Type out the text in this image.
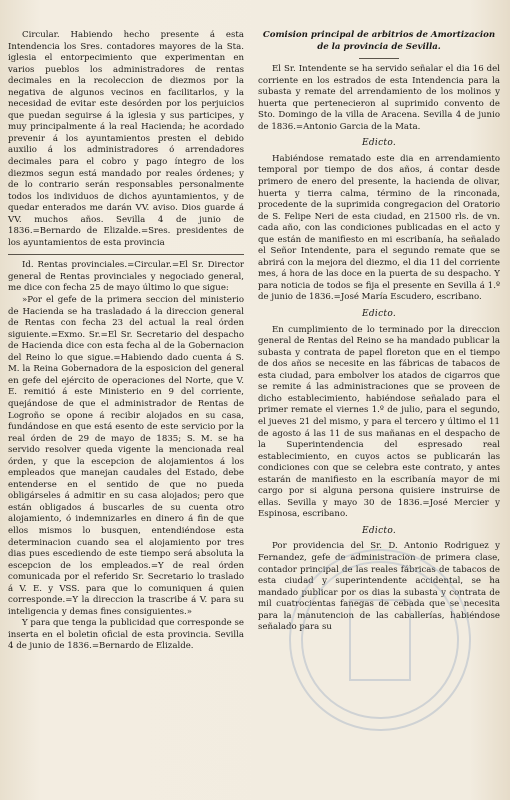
Circular. Habiendo hecho presente á esta Intendencia los Sres. contadores mayores de la Sta. iglesia el entorpecimiento que experimentan en varios pueblos los administradores de rentas decimales en la recoleccion de diezmos por la negativa de algunos vecinos en facilitarlos, y la necesidad de evitar este desórden por los perjuicios que puedan seguirse á la iglesia y sus participes, y muy principalmente á la real Hacienda; he acordado prevenir á los ayuntamientos presten el debido auxilio á los administradores ó arrendadores decimales para el cobro y pago íntegro de los diezmos segun está mandado por reales órdenes; y de lo contrario serán responsables personalmente todos los individuos de dichos ayuntamientos, y de quedar enterados me darán VV. aviso. Dios guarde á VV. muchos años. Sevilla 4 de junio de 1836.=Bernardo de Elizalde.=Sres. presidentes de los ayuntamientos de esta provincia

Id. Rentas provinciales.=Circular.=El Sr. Director general de Rentas provinciales y negociado general, me dice con fecha 25 de mayo último lo que sigue:

»Por el gefe de la primera seccion del ministerio de Hacienda se ha trasladado á la direccion general de Rentas con fecha 23 del actual la real órden siguiente.=Exmo. Sr.=El Sr. Secretario del despacho de Hacienda dice con esta fecha al de la Gobernacion del Reino lo que sigue.=Habiendo dado cuenta á S. M. la Reina Gobernadora de la esposicion del general en gefe del ejército de operaciones del Norte, que V. E. remitió á este Ministerio en 9 del corriente, quejándose de que el administrador de Rentas de Logroño se opone á recibir alojados en su casa, fundándose en que está esento de este servicio por la real órden de 29 de mayo de 1835; S. M. se ha servido resolver queda vigente la mencionada real órden, y que la escepcion de alojamientos á los empleados que manejan caudales del Estado, debe entenderse en el sentido de que no pueda obligárseles á admitir en su casa alojados; pero que están obligados á buscarles de su cuenta otro alojamiento, ó indemnizarles en dinero á fin de que ellos mismos lo busquen, entendiéndose esta determinacion cuando sea el alojamiento por tres dias pues escediendo de este tiempo será absoluta la escepcion de los empleados.=Y de real órden comunicada por el referido Sr. Secretario lo traslado á V. E. y VSS. para que lo comuniquen á quien corresponde.=Y la direccion la trascribe á V. para su inteligencia y demas fines consiguientes.»

Y para que tenga la publicidad que corresponde se inserta en el boletin oficial de esta provincia. Sevilla 4 de junio de 1836.=Bernardo de Elizalde.

Comision principal de arbitrios de Amortizacion de la provincia de Sevilla.

El Sr. Intendente se ha servido señalar el dia 16 del corriente en los estrados de esta Intendencia para la subasta y remate del arrendamiento de los molinos y huerta que pertenecieron al suprimido convento de Sto. Domingo de la villa de Aracena. Sevilla 4 de junio de 1836.=Antonio Garcia de la Mata.

Edicto.

Habiéndose rematado este dia en arrendamiento temporal por tiempo de dos años, á contar desde primero de enero del presente, la hacienda de olivar, huerta y tierra calma, término de la rinconada, procedente de la suprimida congregacion del Oratorio de S. Felipe Neri de esta ciudad, en 21500 rls. de vn. cada año, con las condiciones publicadas en el acto y que están de manifiesto en mi escribanía, ha señalado el Señor Intendente, para el segundo remate que se abrirá con la mejora del diezmo, el dia 11 del corriente mes, á hora de las doce en la puerta de su despacho. Y para noticia de todos se fija el presente en Sevilla á 1.º de junio de 1836.=José María Escudero, escribano.

Edicto.

En cumplimiento de lo terminado por la direccion general de Rentas del Reino se ha mandado publicar la subasta y contrata de papel floreton que en el tiempo de dos años se necesite en las fábricas de tabacos de esta ciudad, para embolver los atados de cigarros que se remite á las administraciones que se proveen de dicho establecimiento, habiéndose señalado para el primer remate el viernes 1.º de julio, para el segundo, el jueves 21 del mismo, y para el tercero y último el 11 de agosto á las 11 de sus mañanas en el despacho de la Superintendencia del espresado real establecimiento, en cuyos actos se publicarán las condiciones con que se celebra este contrato, y antes estarán de manifiesto en la escribanía mayor de mi cargo por si alguna persona quisiere instruirse de ellas. Sevilla y mayo 30 de 1836.=José Mercier y Espinosa, escribano.

Edicto.

Por providencia del Sr. D. Antonio Rodriguez y Fernandez, gefe de administracion de primera clase, contador principal de las reales fábricas de tabacos de esta ciudad y superintendente accidental, se ha mandado publicar por os dias la subasta y contrata de mil cuatrocientas fanegas de cebada que se necesita para la manutencion de las caballerías, habiéndose señalado para su
